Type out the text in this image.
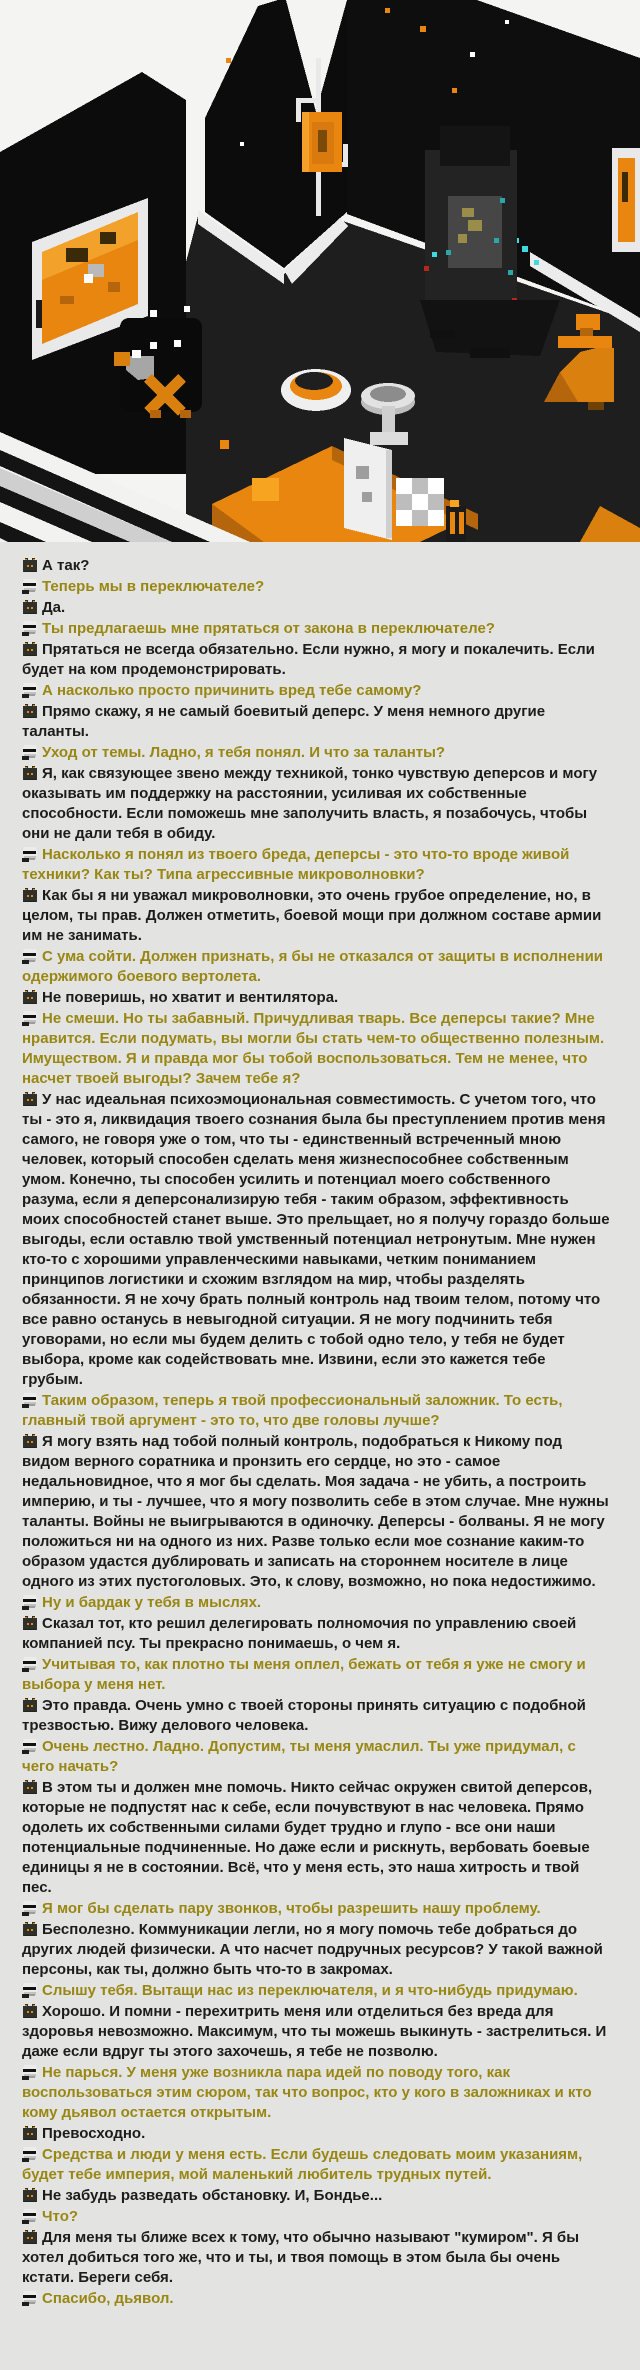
А так?
Теперь мы в переключателе?
Да.
Ты предлагаешь мне прятаться от закона в переключателе?
Прятаться не всегда обязательно. Если нужно, я могу и покалечить. Если будет на ком продемонстрировать.
А насколько просто причинить вред тебе самому?
Прямо скажу, я не самый боевитый деперс. У меня немного другие таланты.
Уход от темы. Ладно, я тебя понял. И что за таланты?
Я, как связующее звено между техникой, тонко чувствую деперсов и могу оказывать им поддержку на расстоянии, усиливая их собственные способности. Если поможешь мне заполучить власть, я позабочусь, чтобы они не дали тебя в обиду.
Насколько я понял из твоего бреда, деперсы - это что-то вроде живой техники? Как ты? Типа агрессивные микроволновки?
Как бы я ни уважал микроволновки, это очень грубое определение, но, в целом, ты прав. Должен отметить, боевой мощи при должном составе армии им не занимать.
С ума сойти. Должен признать, я бы не отказался от защиты в исполнении одержимого боевого вертолета.
Не поверишь, но хватит и вентилятора.
Не смеши. Но ты забавный. Причудливая тварь. Все деперсы такие? Мне нравится. Если подумать, вы могли бы стать чем-то общественно полезным. Имуществом. Я и правда мог бы тобой воспользоваться. Тем не менее, что насчет твоей выгоды? Зачем тебе я?
У нас идеальная психоэмоциональная совместимость. С учетом того, что ты - это я, ликвидация твоего сознания была бы преступлением против меня самого, не говоря уже о том, что ты - единственный встреченный мною человек, который способен сделать меня жизнеспособнее собственным умом. Конечно, ты способен усилить и потенциал моего собственного разума, если я деперсонализирую тебя - таким образом, эффективность моих способностей станет выше. Это прельщает, но я получу гораздо больше выгоды, если оставлю твой умственный потенциал нетронутым. Мне нужен кто-то с хорошими управленческими навыками, четким пониманием принципов логистики и схожим взглядом на мир, чтобы разделять обязанности. Я не хочу брать полный контроль над твоим телом, потому что все равно останусь в невыгодной ситуации. Я не могу подчинить тебя уговорами, но если мы будем делить с тобой одно тело, у тебя не будет выбора, кроме как содействовать мне. Извини, если это кажется тебе грубым.
Таким образом, теперь я твой профессиональный заложник. То есть, главный твой аргумент - это то, что две головы лучше?
Я могу взять над тобой полный контроль, подобраться к Никому под видом верного соратника и пронзить его сердце, но это - самое недальновидное, что я мог бы сделать. Моя задача - не убить, а построить империю, и ты - лучшее, что я могу позволить себе в этом случае. Мне нужны таланты. Войны не выигрываются в одиночку. Деперсы - болваны. Я не могу положиться ни на одного из них. Разве только если мое сознание каким-то образом удастся дублировать и записать на стороннем носителе в лице одного из этих пустоголовых. Это, к слову, возможно, но пока недостижимо.
Ну и бардак у тебя в мыслях.
Сказал тот, кто решил делегировать полномочия по управлению своей компанией псу. Ты прекрасно понимаешь, о чем я.
Учитывая то, как плотно ты меня оплел, бежать от тебя я уже не смогу и выбора у меня нет.
Это правда. Очень умно с твоей стороны принять ситуацию с подобной трезвостью. Вижу делового человека.
Очень лестно. Ладно. Допустим, ты меня умаслил. Ты уже придумал, с чего начать?
В этом ты и должен мне помочь. Никто сейчас окружен свитой деперсов, которые не подпустят нас к себе, если почувствуют в нас человека. Прямо одолеть их собственными силами будет трудно и глупо - все они наши потенциальные подчиненные. Но даже если и рискнуть, вербовать боевые единицы я не в состоянии. Всё, что у меня есть, это наша хитрость и твой пес.
Я мог бы сделать пару звонков, чтобы разрешить нашу проблему.
Бесполезно. Коммуникации легли, но я могу помочь тебе добраться до других людей физически. А что насчет подручных ресурсов? У такой важной персоны, как ты, должно быть что-то в закромах.
Слышу тебя. Вытащи нас из переключателя, и я что-нибудь придумаю.
Хорошо. И помни - перехитрить меня или отделиться без вреда для здоровья невозможно. Максимум, что ты можешь выкинуть - застрелиться. И даже если вдруг ты этого захочешь, я тебе не позволю.
Не парься. У меня уже возникла пара идей по поводу того, как воспользоваться этим сюром, так что вопрос, кто у кого в заложниках и кто кому дьявол остается открытым.
Превосходно.
Средства и люди у меня есть. Если будешь следовать моим указаниям, будет тебе империя, мой маленький любитель трудных путей.
Не забудь разведать обстановку. И, Бондье...
Что?
Для меня ты ближе всех к тому, что обычно называют "кумиром". Я бы хотел добиться того же, что и ты, и твоя помощь в этом была бы очень кстати. Береги себя.
Спасибо, дьявол.
